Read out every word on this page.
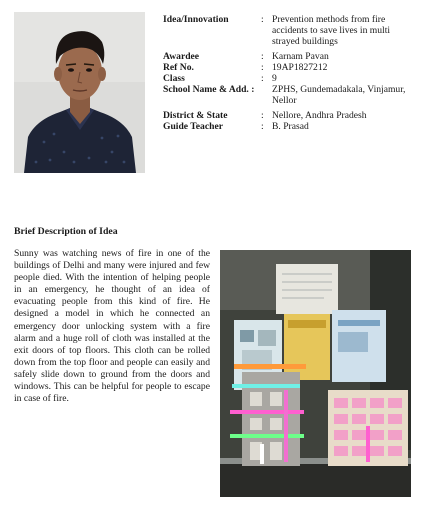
Idea/Innovation	: Prevention methods from fire accidents to save lives in multi strayed buildings
Awardee	: Karnam Pavan
Ref No.	: 19AP1827212
Class	: 9
School Name & Add. :	ZPHS, Gundemadakala, Vinjamur, Nellor
District & State	: Nellore, Andhra Pradesh
Guide Teacher	: B. Prasad
Brief Description of Idea
Sunny was watching news of fire in one of the buildings of Delhi and many were injured and few people died. With the intention of helping people in an emergency, he thought of an idea of evacuating people from this kind of fire. He designed a model in which he connected an emergency door unlocking system with a fire alarm and a huge roll of cloth was installed at the exit doors of top floors. This cloth can be rolled down from the top floor and people can easily and safely slide down to ground from the doors and windows. This can be helpful for people to escape in case of fire.
